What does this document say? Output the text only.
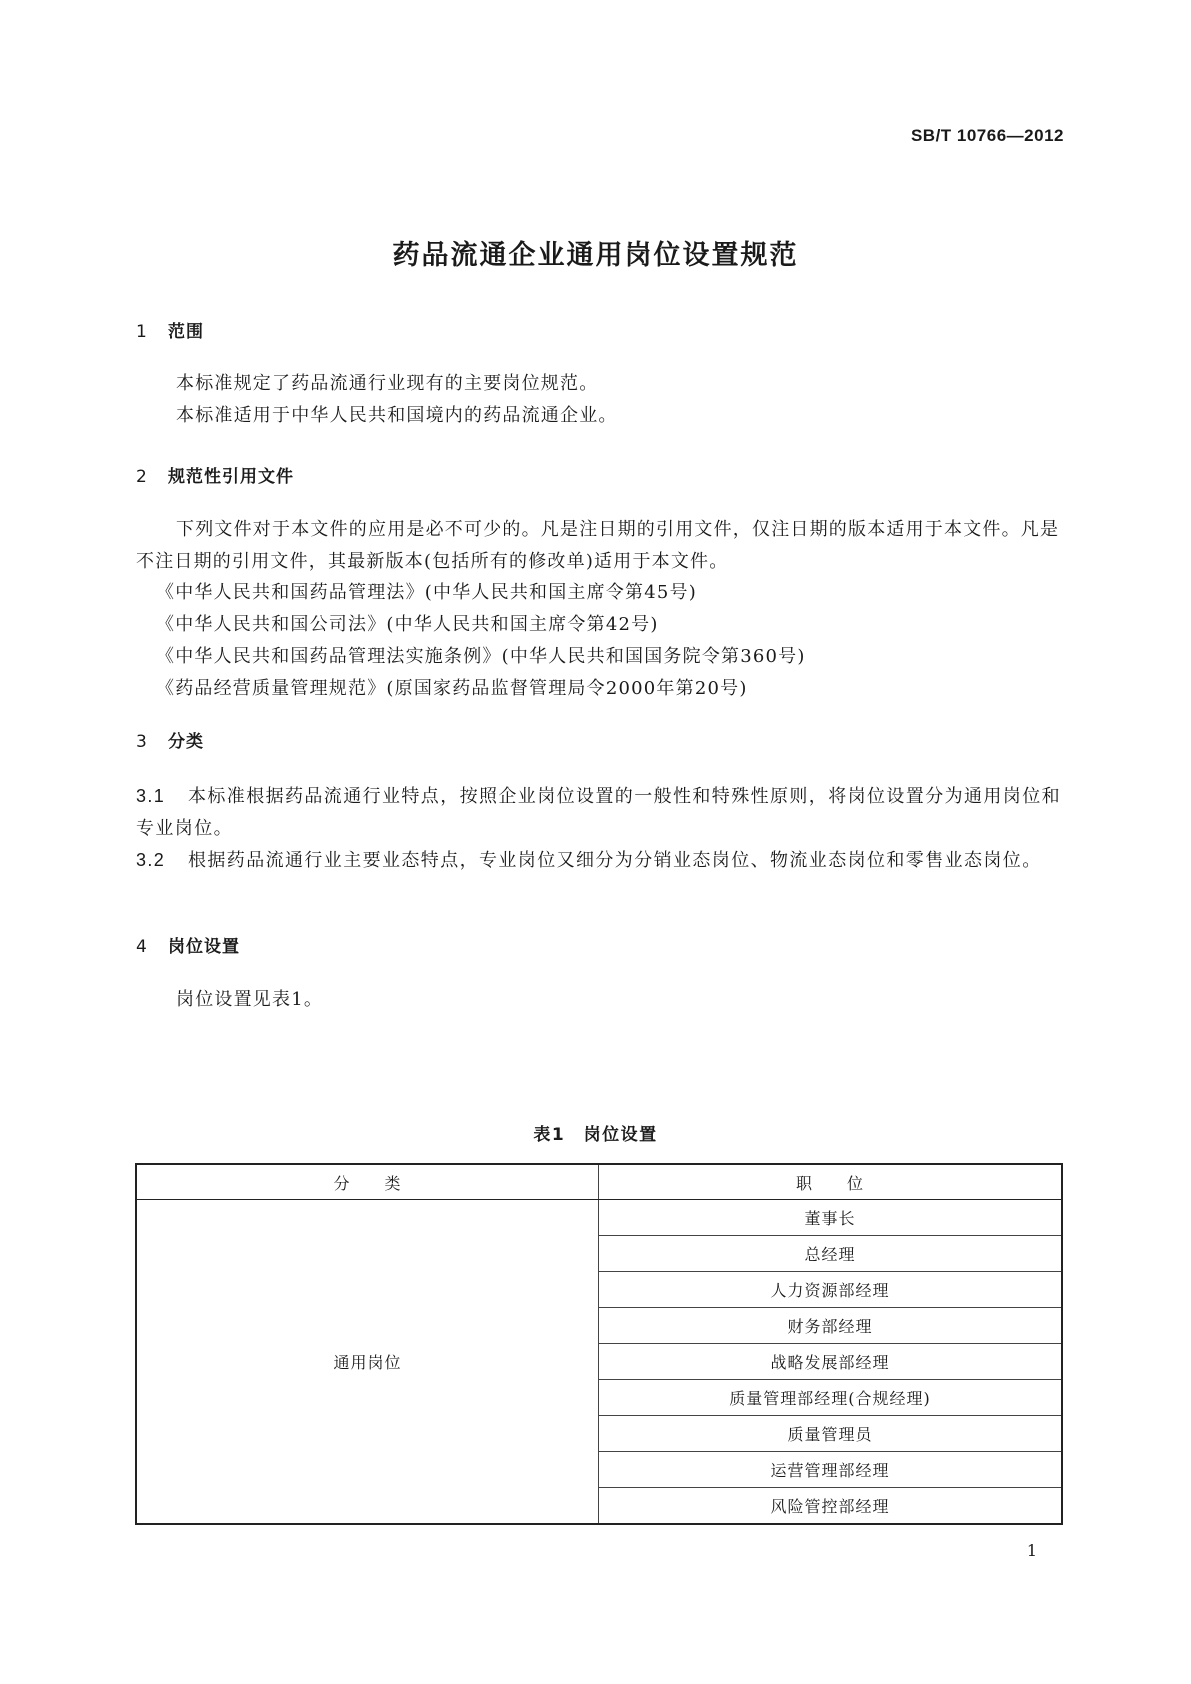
SB/T 10766—2012
药品流通企业通用岗位设置规范
1 范围
本标准规定了药品流通行业现有的主要岗位规范。
本标准适用于中华人民共和国境内的药品流通企业。
2 规范性引用文件
下列文件对于本文件的应用是必不可少的。凡是注日期的引用文件，仅注日期的版本适用于本文件。凡是不注日期的引用文件，其最新版本(包括所有的修改单)适用于本文件。
《中华人民共和国药品管理法》(中华人民共和国主席令第45号)
《中华人民共和国公司法》(中华人民共和国主席令第42号)
《中华人民共和国药品管理法实施条例》(中华人民共和国国务院令第360号)
《药品经营质量管理规范》(原国家药品监督管理局令2000年第20号)
3 分类
3.1 本标准根据药品流通行业特点，按照企业岗位设置的一般性和特殊性原则，将岗位设置分为通用岗位和专业岗位。
3.2 根据药品流通行业主要业态特点，专业岗位又细分为分销业态岗位、物流业态岗位和零售业态岗位。
4 岗位设置
岗位设置见表1。
表1　岗位设置
分　　类	职　　位
通用岗位	董事长
	总经理
	人力资源部经理
	财务部经理
	战略发展部经理
	质量管理部经理(合规经理)
	质量管理员
	运营管理部经理
	风险管控部经理
1
